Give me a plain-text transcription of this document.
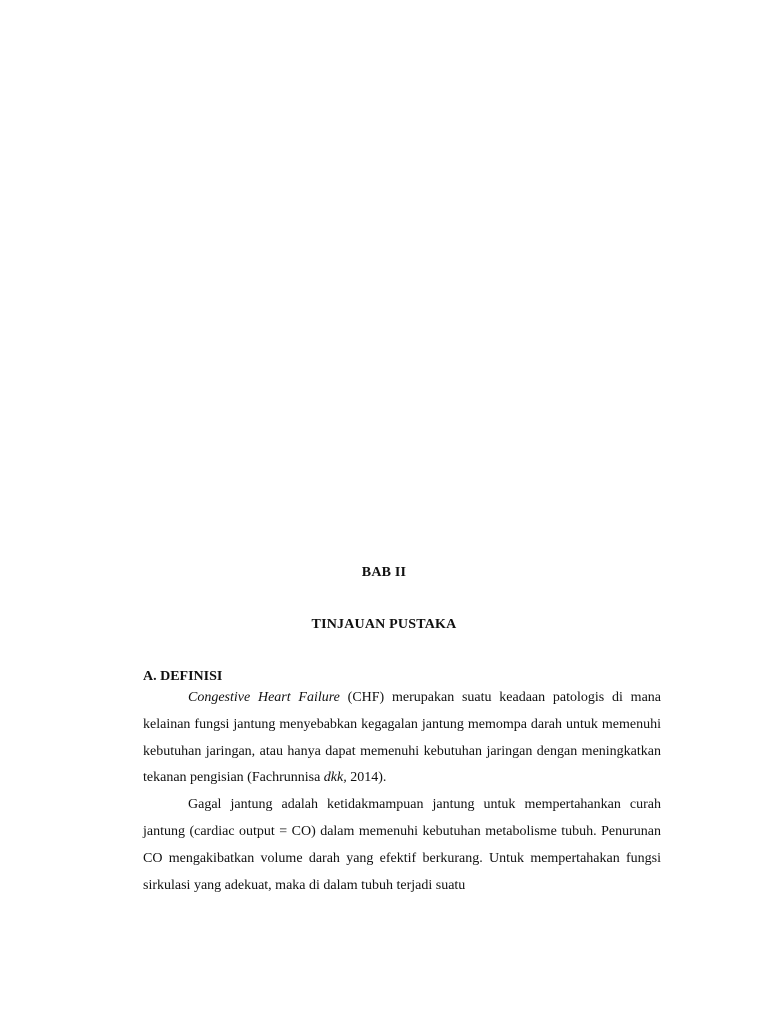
BAB II
TINJAUAN PUSTAKA

A. DEFINISI

Congestive Heart Failure (CHF) merupakan suatu keadaan patologis di mana kelainan fungsi jantung menyebabkan kegagalan jantung memompa darah untuk memenuhi kebutuhan jaringan, atau hanya dapat memenuhi kebutuhan jaringan dengan meningkatkan tekanan pengisian (Fachrunnisa dkk, 2014).

Gagal jantung adalah ketidakmampuan jantung untuk mempertahankan curah jantung (cardiac output = CO) dalam memenuhi kebutuhan metabolisme tubuh. Penurunan CO mengakibatkan volume darah yang efektif berkurang. Untuk mempertahakan fungsi sirkulasi yang adekuat, maka di dalam tubuh terjadi suatu
